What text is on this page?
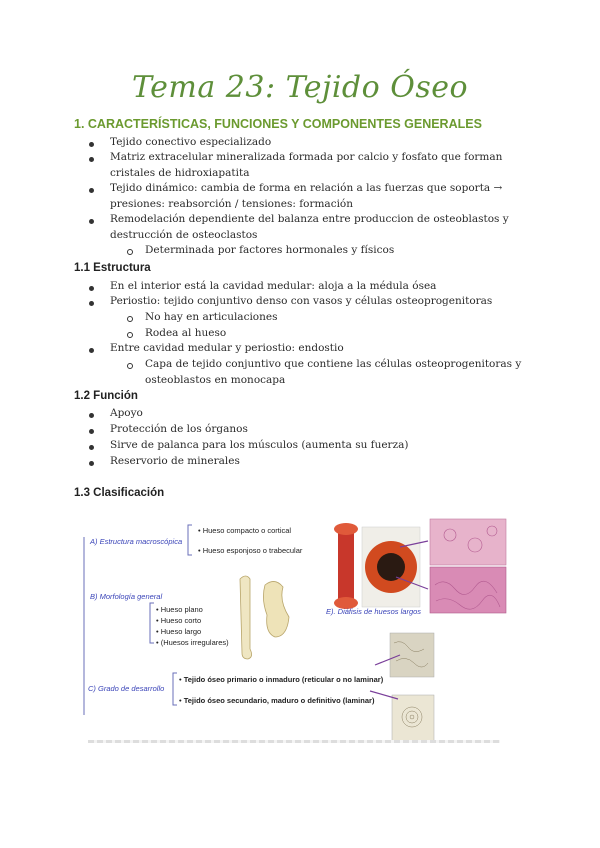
Tema 23: Tejido Óseo
1. CARACTERÍSTICAS, FUNCIONES Y COMPONENTES GENERALES
Tejido conectivo especializado
Matriz extracelular mineralizada formada por calcio y fosfato que forman cristales de hidroxiapatita
Tejido dinámico: cambia de forma en relación a las fuerzas que soporta → presiones: reabsorción / tensiones: formación
Remodelación dependiente del balanza entre produccion de osteoblastos y destrucción de osteoclastos
Determinada por factores hormonales y físicos
1.1 Estructura
En el interior está la cavidad medular: aloja a la médula ósea
Periostio: tejido conjuntivo denso con vasos y células osteoprogenitoras
No hay en articulaciones
Rodea al hueso
Entre cavidad medular y periostio: endostio
Capa de tejido conjuntivo que contiene las células osteoprogenitoras y osteoblastos en monocapa
1.2 Función
Apoyo
Protección de los órganos
Sirve de palanca para los músculos (aumenta su fuerza)
Reservorio de minerales
1.3 Clasificación
A) Estructura macroscópica
• Hueso compacto o cortical
• Hueso esponjoso o trabecular
B) Morfología general
• Hueso plano
• Hueso corto
• Hueso largo
• (Huesos irregulares)
E). Diáfisis de huesos largos
C) Grado de desarrollo
• Tejido óseo primario o inmaduro (reticular o no laminar)
• Tejido óseo secundario, maduro o definitivo (laminar)
